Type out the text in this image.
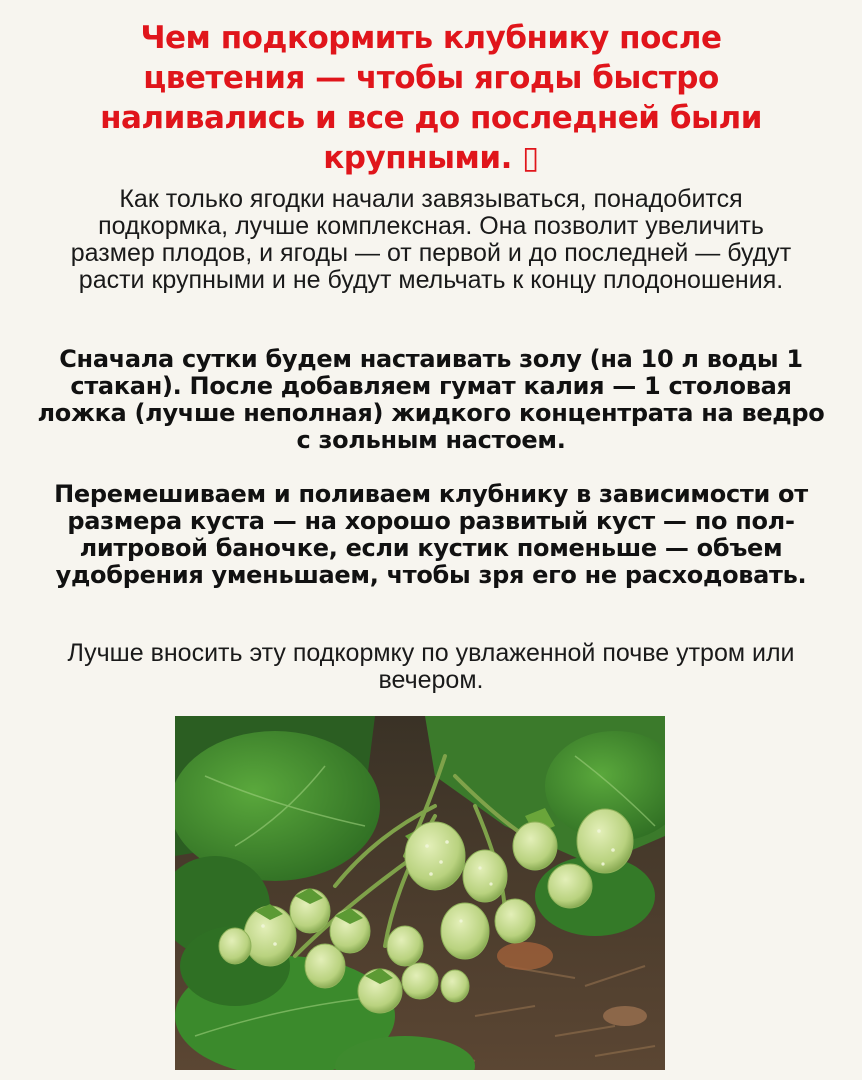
Чем подкормить клубнику после цветения — чтобы ягоды быстро наливались и все до последней были крупными. ▯

Как только ягодки начали завязываться, понадобится подкормка, лучше комплексная. Она позволит увеличить размер плодов, и ягоды — от первой и до последней — будут расти крупными и не будут мельчать к концу плодоношения.

Сначала сутки будем настаивать золу (на 10 л воды 1 стакан). После добавляем гумат калия — 1 столовая ложка (лучше неполная) жидкого концентрата на ведро с зольным настоем.

Перемешиваем и поливаем клубнику в зависимости от размера куста — на хорошо развитый куст — по пол-литровой баночке, если кустик поменьше — объем удобрения уменьшаем, чтобы зря его не расходовать.

Лучше вносить эту подкормку по увлаженной почве утром или вечером.
